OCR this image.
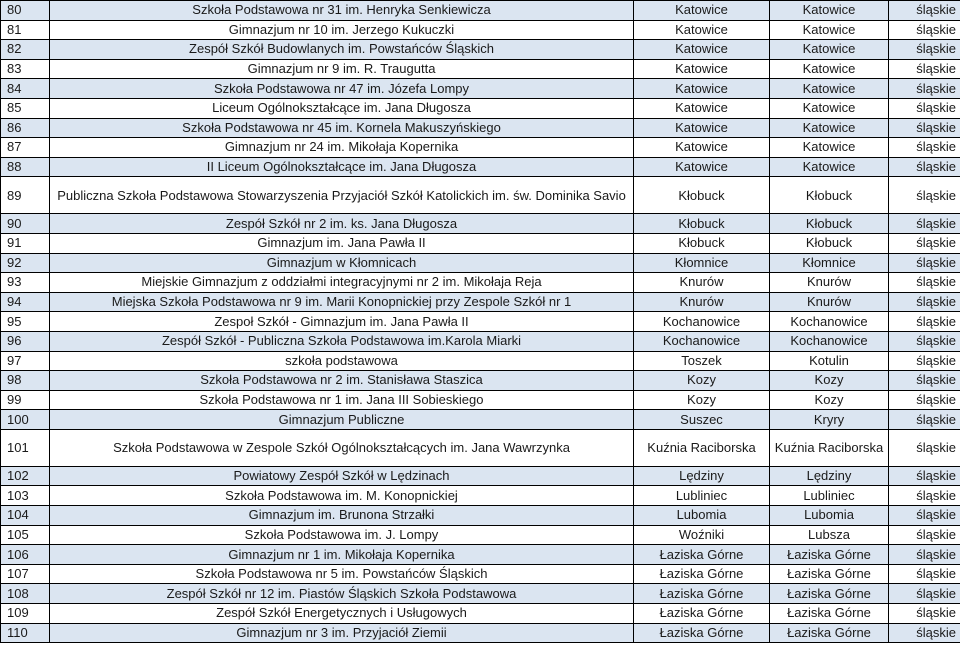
80	Szkoła Podstawowa nr 31 im. Henryka Senkiewicza	Katowice	Katowice	śląskie
81	Gimnazjum nr 10 im. Jerzego Kukuczki	Katowice	Katowice	śląskie
82	Zespół Szkół Budowlanych im. Powstańców Śląskich	Katowice	Katowice	śląskie
83	Gimnazjum nr 9 im. R. Traugutta	Katowice	Katowice	śląskie
84	Szkoła Podstawowa nr 47 im. Józefa Lompy	Katowice	Katowice	śląskie
85	Liceum Ogólnokształcące im. Jana Długosza	Katowice	Katowice	śląskie
86	Szkoła Podstawowa nr 45 im. Kornela Makuszyńskiego	Katowice	Katowice	śląskie
87	Gimnazjum nr 24 im. Mikołaja Kopernika	Katowice	Katowice	śląskie
88	II Liceum Ogólnokształcące im. Jana Długosza	Katowice	Katowice	śląskie
89	Publiczna Szkoła Podstawowa Stowarzyszenia Przyjaciół Szkół Katolickich im. św. Dominika Savio	Kłobuck	Kłobuck	śląskie
90	Zespół Szkół nr 2 im. ks. Jana Długosza	Kłobuck	Kłobuck	śląskie
91	Gimnazjum im. Jana Pawła II	Kłobuck	Kłobuck	śląskie
92	Gimnazjum w Kłomnicach	Kłomnice	Kłomnice	śląskie
93	Miejskie Gimnazjum z oddziałmi integracyjnymi nr 2 im. Mikołaja Reja	Knurów	Knurów	śląskie
94	Miejska Szkoła Podstawowa nr 9 im. Marii Konopnickiej przy Zespole Szkół nr 1	Knurów	Knurów	śląskie
95	Zespoł Szkół - Gimnazjum im. Jana Pawła II	Kochanowice	Kochanowice	śląskie
96	Zespół Szkół - Publiczna Szkoła Podstawowa im.Karola Miarki	Kochanowice	Kochanowice	śląskie
97	szkoła podstawowa	Toszek	Kotulin	śląskie
98	Szkoła Podstawowa nr 2 im. Stanisława Staszica	Kozy	Kozy	śląskie
99	Szkoła Podstawowa nr 1 im. Jana III Sobieskiego	Kozy	Kozy	śląskie
100	Gimnazjum Publiczne	Suszec	Kryry	śląskie
101	Szkoła Podstawowa w Zespole Szkół Ogólnokształcących im. Jana Wawrzynka	Kuźnia Raciborska	Kuźnia Raciborska	śląskie
102	Powiatowy Zespół Szkół w Lędzinach	Lędziny	Lędziny	śląskie
103	Szkoła Podstawowa im. M. Konopnickiej	Lubliniec	Lubliniec	śląskie
104	Gimnazjum im. Brunona Strzałki	Lubomia	Lubomia	śląskie
105	Szkoła Podstawowa im. J. Lompy	Woźniki	Lubsza	śląskie
106	Gimnazjum nr 1 im. Mikołaja Kopernika	Łaziska Górne	Łaziska Górne	śląskie
107	Szkoła Podstawowa nr 5 im. Powstańców Śląskich	Łaziska Górne	Łaziska Górne	śląskie
108	Zespół Szkół nr 12 im. Piastów Śląskich Szkoła Podstawowa	Łaziska Górne	Łaziska Górne	śląskie
109	Zespół Szkół Energetycznych i Usługowych	Łaziska Górne	Łaziska Górne	śląskie
110	Gimnazjum nr 3 im. Przyjaciół Ziemii	Łaziska Górne	Łaziska Górne	śląskie
